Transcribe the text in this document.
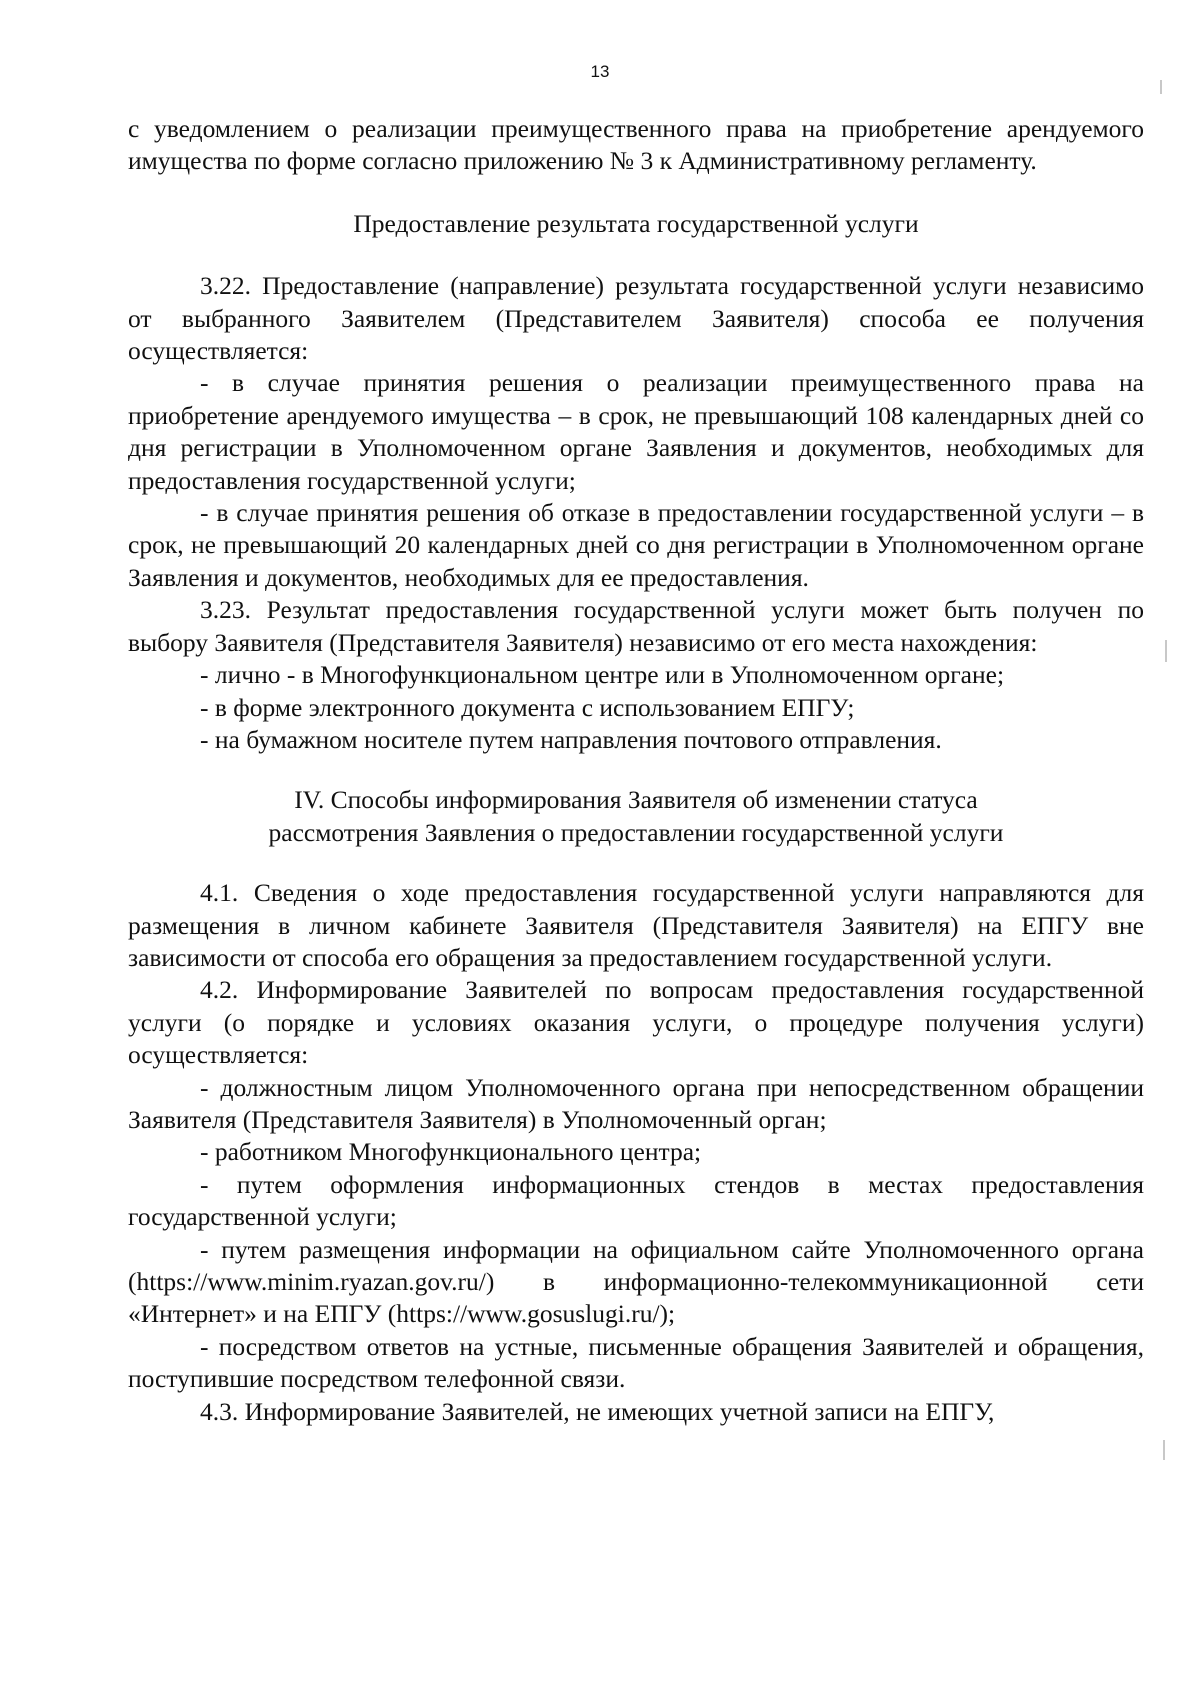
13

с уведомлением о реализации преимущественного права на приобретение арендуемого имущества по форме согласно приложению № 3 к Административному регламенту.

Предоставление результата государственной услуги

3.22. Предоставление (направление) результата государственной услуги независимо от выбранного Заявителем (Представителем Заявителя) способа ее получения осуществляется:

- в случае принятия решения о реализации преимущественного права на приобретение арендуемого имущества – в срок, не превышающий 108 календарных дней со дня регистрации в Уполномоченном органе Заявления и документов, необходимых для предоставления государственной услуги;

- в случае принятия решения об отказе в предоставлении государственной услуги – в срок, не превышающий 20 календарных дней со дня регистрации в Уполномоченном органе Заявления и документов, необходимых для ее предоставления.

3.23. Результат предоставления государственной услуги может быть получен по выбору Заявителя (Представителя Заявителя) независимо от его места нахождения:

- лично - в Многофункциональном центре или в Уполномоченном органе;

- в форме электронного документа с использованием ЕПГУ;

- на бумажном носителе путем направления почтового отправления.

IV. Способы информирования Заявителя об изменении статуса
рассмотрения Заявления о предоставлении государственной услуги

4.1. Сведения о ходе предоставления государственной услуги направляются для размещения в личном кабинете Заявителя (Представителя Заявителя) на ЕПГУ вне зависимости от способа его обращения за предоставлением государственной услуги.

4.2. Информирование Заявителей по вопросам предоставления государственной услуги (о порядке и условиях оказания услуги, о процедуре получения услуги) осуществляется:

- должностным лицом Уполномоченного органа при непосредственном обращении Заявителя (Представителя Заявителя) в Уполномоченный орган;

- работником Многофункционального центра;

- путем оформления информационных стендов в местах предоставления государственной услуги;

- путем размещения информации на официальном сайте Уполномоченного органа (https://www.minim.ryazan.gov.ru/) в информационно-телекоммуникационной сети «Интернет» и на ЕПГУ (https://www.gosuslugi.ru/);

- посредством ответов на устные, письменные обращения Заявителей и обращения, поступившие посредством телефонной связи.

4.3. Информирование Заявителей, не имеющих учетной записи на ЕПГУ,
